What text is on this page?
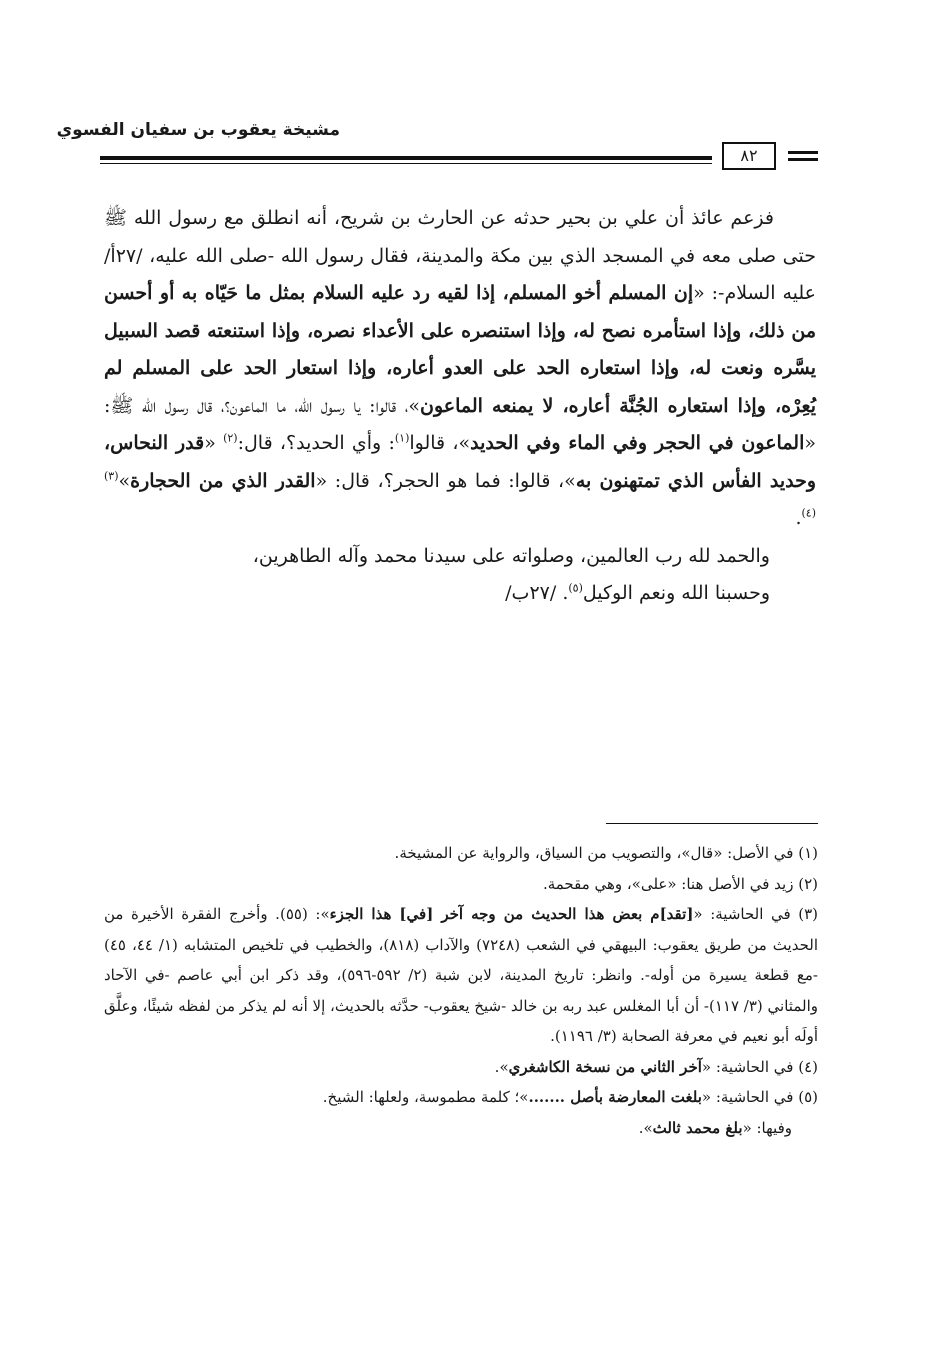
مشيخة يعقوب بن سفيان الفسوي
٨٢

فزعم عائذ أن علي بن بحير حدثه عن الحارث بن شريح، أنه انطلق مع رسول الله ﷺ حتى صلى معه في المسجد الذي بين مكة والمدينة، فقال رسول الله -صلى الله عليه، /٢٧أ/ عليه السلام-: «إن المسلم أخو المسلم، إذا لقيه رد عليه السلام بمثل ما حَيّاه به أو أحسن من ذلك، وإذا استأمره نصح له، وإذا استنصره على الأعداء نصره، وإذا استنعته قصد السبيل يسَّره ونعت له، وإذا استعاره الحد على العدو أعاره، وإذا استعار الحد على المسلم لم يُعِرْه، وإذا استعاره الجُنَّة أعاره، لا يمنعه الماعون»، قالوا: يا رسول الله، ما الماعون؟، قال رسول الله ﷺ: «الماعون في الحجر وفي الماء وفي الحديد»، قالوا$^{(١)}$: وأي الحديد؟، قال:$^{(٢)}$ «قدر النحاس، وحديد الفأس الذي تمتهنون به»، قالوا: فما هو الحجر؟، قال: «القدر الذي من الحجارة»$^{(٣) (٤)}$.

والحمد لله رب العالمين، وصلواته على سيدنا محمد وآله الطاهرين،

وحسبنا الله ونعم الوكيل$^{(٥)}$. /٢٧ب/

(١) في الأصل: «قال»، والتصويب من السياق، والرواية عن المشيخة.

(٢) زيد في الأصل هنا: «على»، وهي مقحمة.

(٣) في الحاشية: «[تقد]م بعض هذا الحديث من وجه آخر [في] هذا الجزء»: (٥٥). وأخرج الفقرة الأخيرة من الحديث من طريق يعقوب: البيهقي في الشعب (٧٢٤٨) والآداب (٨١٨)، والخطيب في تلخيص المتشابه (١/ ٤٤، ٤٥) -مع قطعة يسيرة من أوله-. وانظر: تاريخ المدينة، لابن شبة (٢/ ٥٩٢-٥٩٦)، وقد ذكر ابن أبي عاصم -في الآحاد والمثاني (٣/ ١١٧)- أن أبا المغلس عبد ربه بن خالد -شيخ يعقوب- حدَّثه بالحديث، إلا أنه لم يذكر من لفظه شيئًا، وعلَّق أولَه أبو نعيم في معرفة الصحابة (٣/ ١١٩٦).

(٤) في الحاشية: «آخر الثاني من نسخة الكاشغري».

(٥) في الحاشية: «بلغت المعارضة بأصل .......»؛ كلمة مطموسة، ولعلها: الشيخ.

وفيها: «بلغ محمد ثالث».
